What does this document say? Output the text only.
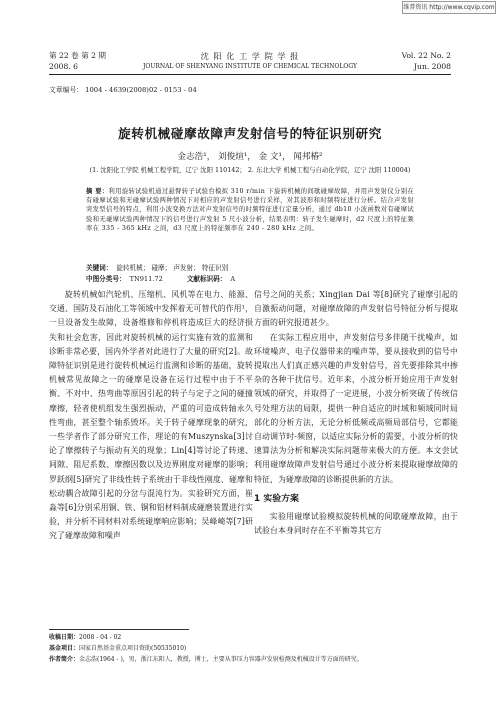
维普资讯 http://www.cqvip.com
第 22 卷 第 2 期
2008. 6
沈 阳 化 工 学 院 学 报
JOURNAL OF SHENYANG INSTITUTE OF CHEMICAL TECHNOLOGY
Vol. 22 No. 2
Jun. 2008
文章编号： 1004 - 4639(2008)02 - 0153 - 04
旋转机械碰摩故障声发射信号的特征识别研究
金志浩¹， 刘俊煊¹， 金 文¹， 闻邦椿²
(1. 沈阳化工学院 机械工程学院，辽宁 沈阳 110142； 2. 东北大学 机械工程与自动化学院，辽宁 沈阳 110004)
摘 要：利用旋转试验机通过悬臂转子试验台模拟 310 r/min 下旋转机械的间歇碰摩故障，并用声发射仪分别在有碰摩试验和无碰摩试验两种情况下对相应的声发射信号进行采样，对其波形和时频特征进行分析。结合声发射突发型信号的特点，利用小波变换方法对声发射信号的时频特征进行定量分析，通过 db10 小波函数对有碰摩试验和无碰摩试验两种情况下的信号进行声发射 5 尺小波分析，结果表明：转子发生碰摩时，d2 尺度上的特征频率在 335 - 365 kHz 之间，d3 尺度上的特征频率在 240 - 280 kHz 之间。
关键词： 旋转机械； 碰摩； 声发射； 特征识别
中图分类号： TN911.72	文献标识码： A
旋转机械如汽轮机、压缩机、风机等在电力、能源、交通、国防及石油化工等领域中发挥着无可替代的作用¹，一旦设备发生故障，设备维修和停机将造成巨大的经济损失和社会危害，因此对旋转机械的运行实施有效的监测和诊断非常必要，国内外学者对此进行了大量的研究[2]。故障特征识别是进行旋转机械运行监测和诊断的基础，旋转机械常见故障之一的碰摩是设备在运行过程中由于不平衡、不对中、热弯曲等原因引起的转子与定子之间的碰撞摩擦，轻者使机组发生强烈振动，严重的可造成转轴永久性弯曲，甚至整个轴系毁坏。关于转子碰摩现象的研究，一些学者作了部分研究工作，理论的有Muszynska[3]讨论了摩擦转子与振动有关的现象；Lin[4]等讨论了转速、间隙、阻尼系数、摩擦因数以及边界刚度对碰摩的影响；罗跃纲[5]研究了非线性转子系统由于非线性刚度、碰摩和松动耦合故障引起的分岔与混沌行为。实验研究方面，崔淼等[6]分别采用铜、铁、铜和铝材料制成碰磨装置进行实验，并分析不同材料对系统碰摩响应影响；吴峰崎等[7]研究了碰摩故障和噪声
信号之间的关系；Xingjian Dai 等[8]研究了碰摩引起的自激振动问题，对碰摩故障的声发射信号特征分析与提取方面的研究报道甚少。
在实际工程应用中，声发射信号多伴随干扰噪声，如环境噪声、电子仪器带来的噪声等，要从接收到的信号中提取出人们真正感兴趣的声发射信号，首先要排除其中掺杂的各种干扰信号。近年来，小波分析开始应用于声发射领域的研究，并取得了一定进展，小波分析突破了传统信号处理方法的局限，提供一种自适应的时域和频域同时局部化的分析方法，无论分析低频或高频局部信号，它都能自动调节时-频窗，以适应实际分析的需要，小波分析的快速算法为分析和解决实际问题带来极大的方便。本文尝试利用碰摩故障声发射信号通过小波分析来提取碰摩故障的特征，为碰摩故障的诊断提供新的方法。
1 实验方案
实验用碰摩试验模拟旋转机械的间歇碰摩故障，由于试验台本身同时存在不平衡等其它方
收稿日期：2008 - 04 - 02
基金项目：国家自然基金重点项目资助(50535010)
作者简介：金志浩(1964 - )，男，浙江东阳人，教授，博士，主要从事压力容器声发射检测及机械设计等方面的研究。
